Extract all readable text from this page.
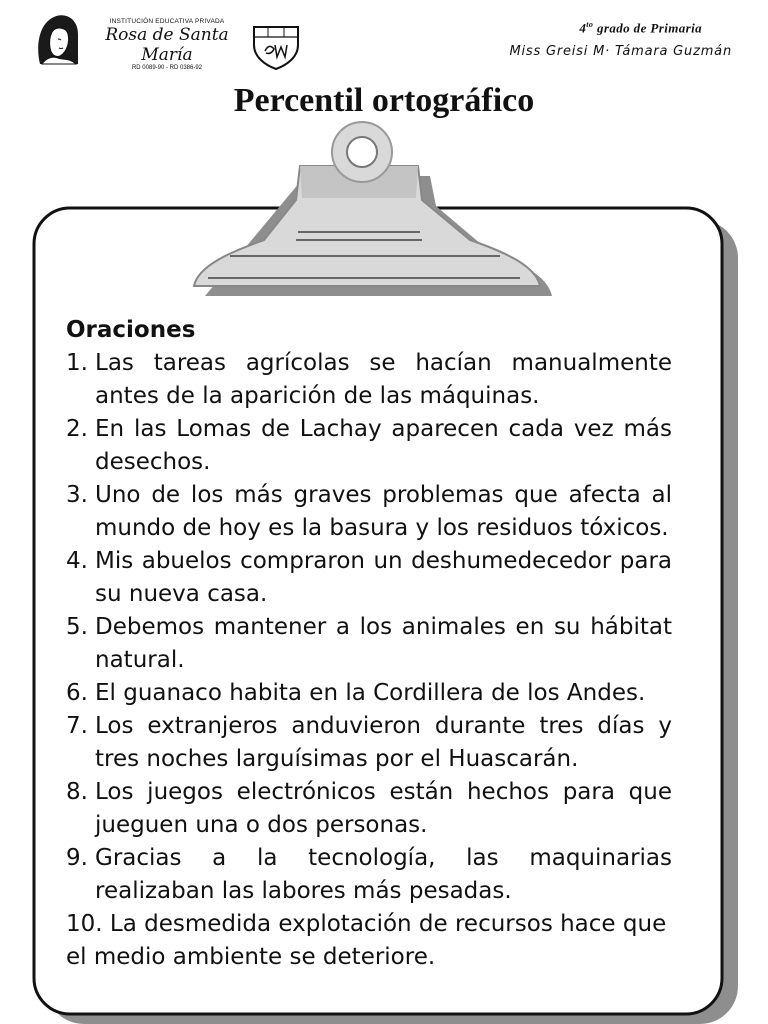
INSTITUCIÓN EDUCATIVA PRIVADA
Rosa de Santa María
RD 0089-90 - RD 0386-92
$4^{to}$ grado de Primaria
Miss Greisi M· Támara Guzmán
Percentil ortográfico
Oraciones
1. Las tareas agrícolas se hacían manualmente antes de la aparición de las máquinas.
2. En las Lomas de Lachay aparecen cada vez más desechos.
3. Uno de los más graves problemas que afecta al mundo de hoy es la basura y los residuos tóxicos.
4. Mis abuelos compraron un deshumedecedor para su nueva casa.
5. Debemos mantener a los animales en su hábitat natural.
6. El guanaco habita en la Cordillera de los Andes.
7. Los extranjeros anduvieron durante tres días y tres noches larguísimas por el Huascarán.
8. Los juegos electrónicos están hechos para que jueguen una o dos personas.
9. Gracias a la tecnología, las maquinarias realizaban las labores más pesadas.
10. La desmedida explotación de recursos hace que el medio ambiente se deteriore.
